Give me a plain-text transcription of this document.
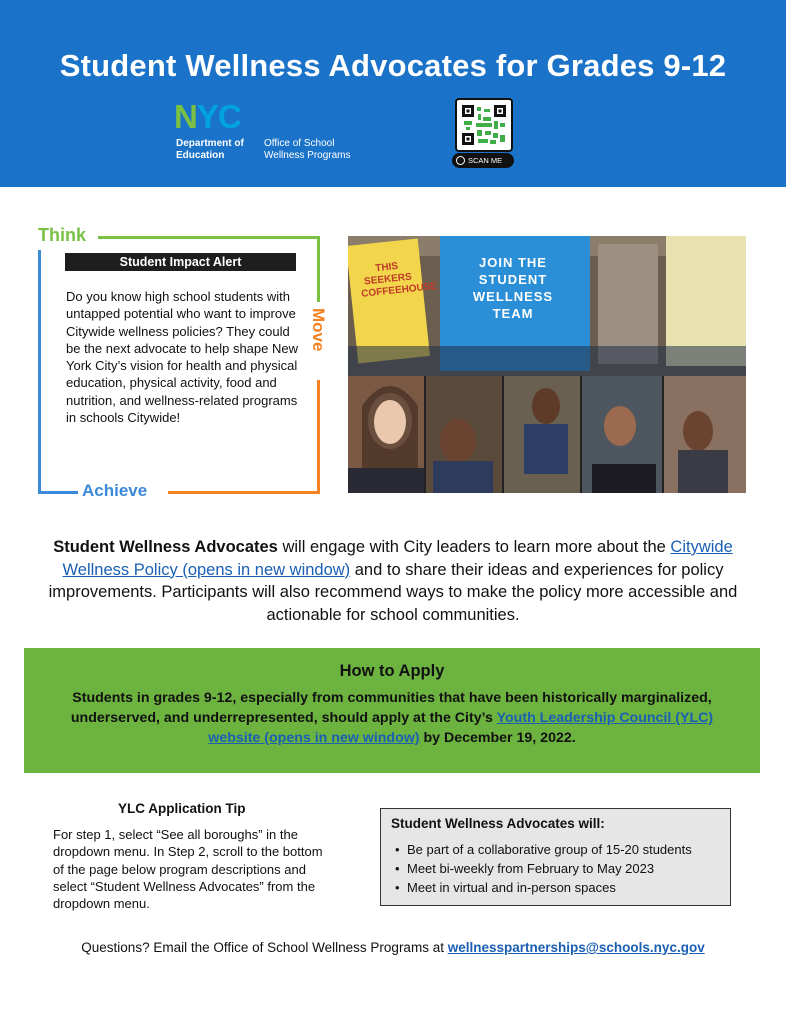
Student Wellness Advocates for Grades 9-12
NYC
Department of Education
Office of School Wellness Programs	SCAN ME
Think
Move
Achieve
Student Impact Alert
Do you know high school students with untapped potential who want to improve Citywide wellness policies? They could be the next advocate to help shape New York City’s vision for health and physical education, physical activity, food and nutrition, and wellness-related programs in schools Citywide!
THIS SEEKERS COFFEEHOUSE
JOIN THE STUDENT WELLNESS TEAM
Student Wellness Advocates will engage with City leaders to learn more about the Citywide Wellness Policy (opens in new window) and to share their ideas and experiences for policy improvements. Participants will also recommend ways to make the policy more accessible and actionable for school communities.
How to Apply
Students in grades 9-12, especially from communities that have been historically marginalized, underserved, and underrepresented, should apply at the City’s Youth Leadership Council (YLC) website (opens in new window) by December 19, 2022.
YLC Application Tip
For step 1, select “See all boroughs” in the dropdown menu. In Step 2, scroll to the bottom of the page below program descriptions and select “Student Wellness Advocates” from the dropdown menu.
Student Wellness Advocates will:
• Be part of a collaborative group of 15-20 students
• Meet bi-weekly from February to May 2023
• Meet in virtual and in-person spaces
Questions? Email the Office of School Wellness Programs at wellnesspartnerships@schools.nyc.gov
